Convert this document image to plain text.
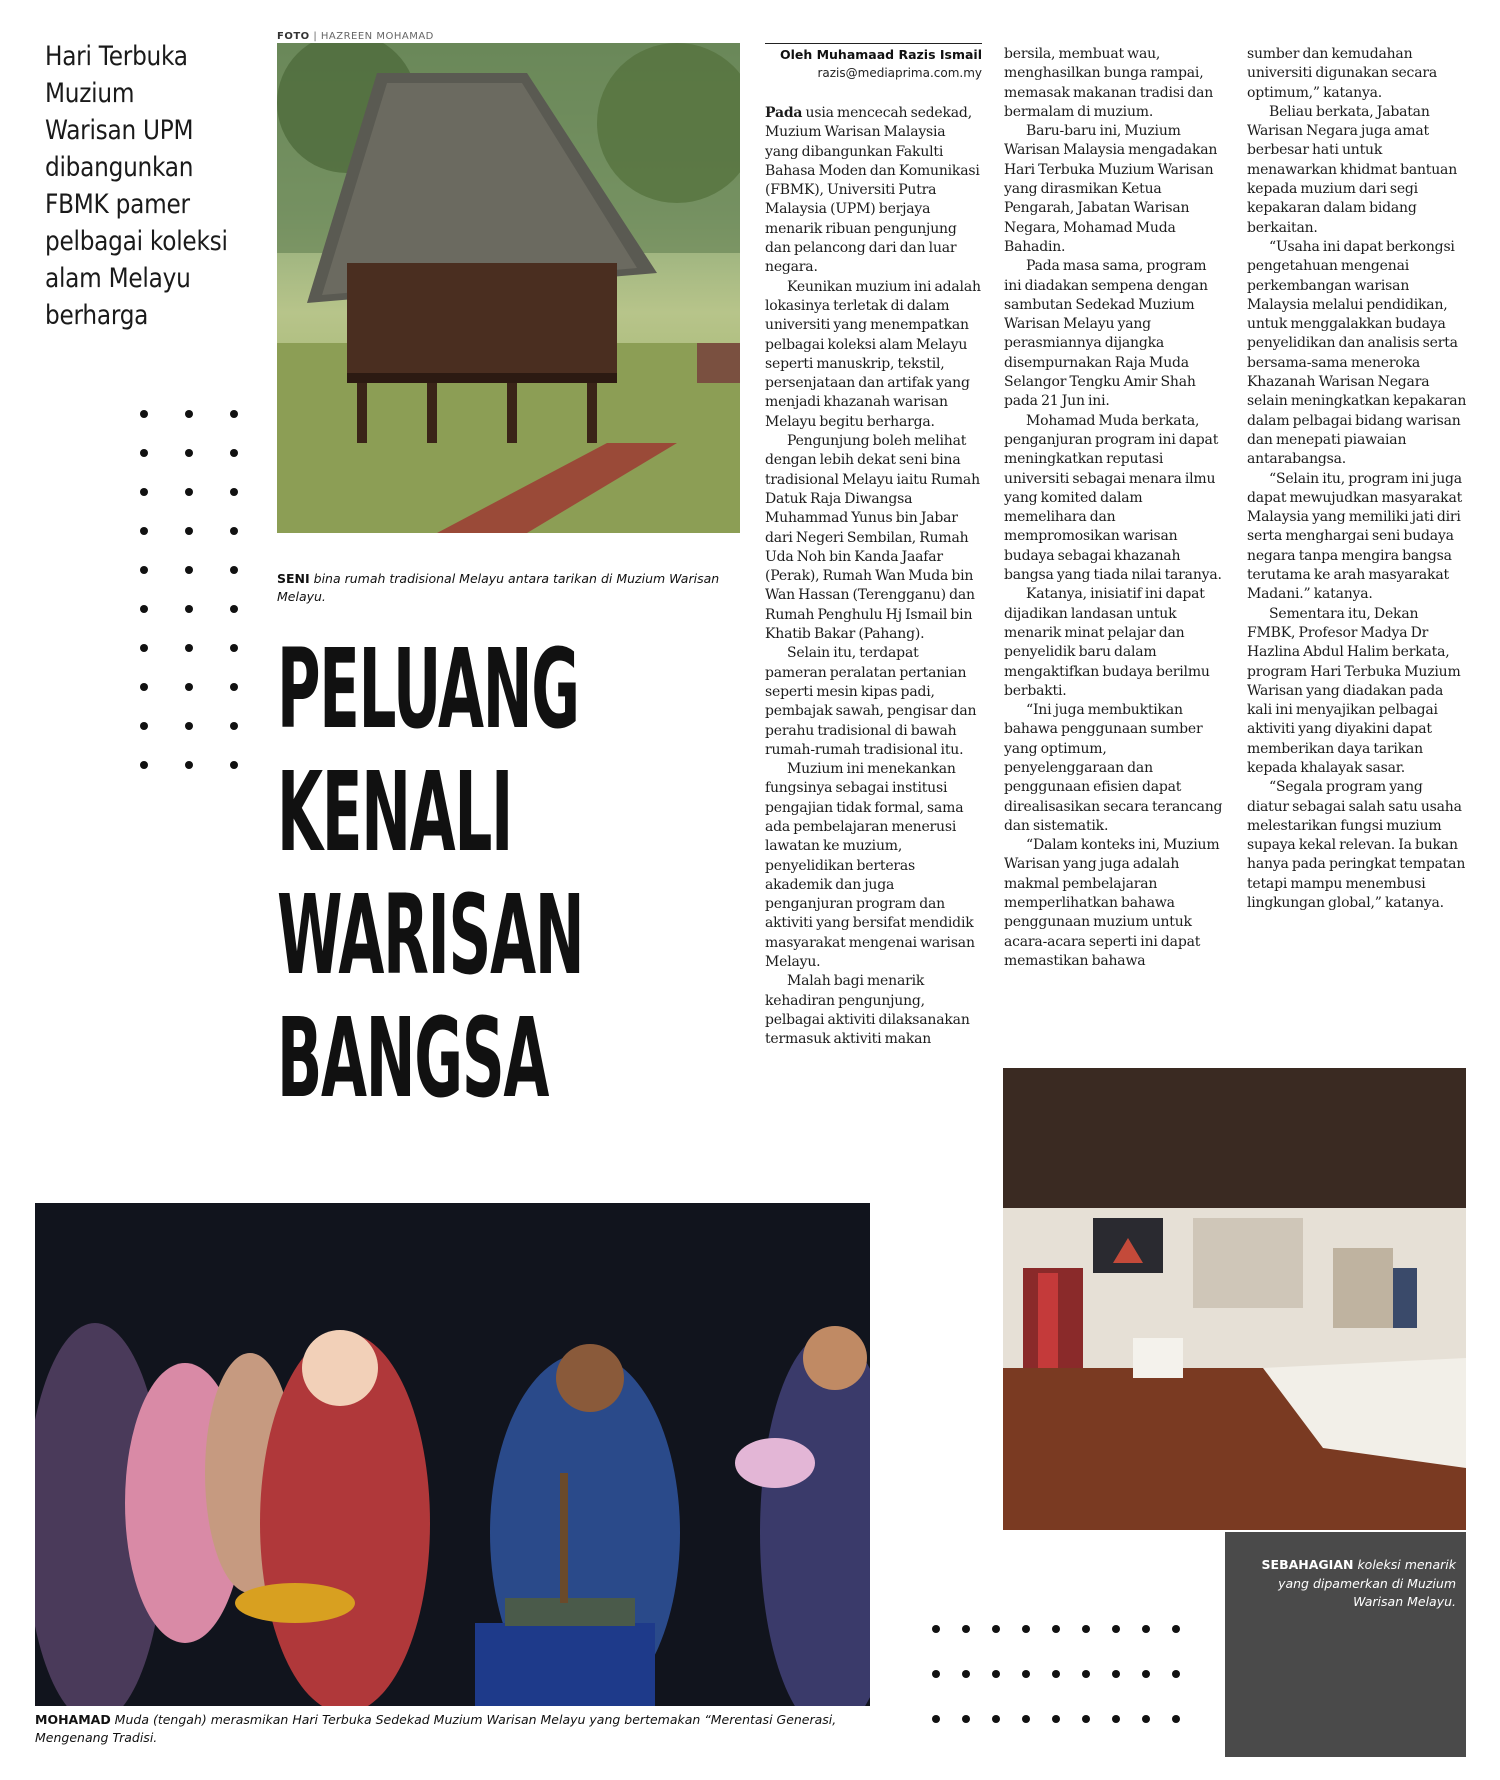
Hari Terbuka Muzium Warisan UPM dibangunkan FBMK pamer pelbagai koleksi alam Melayu berharga
FOTO | HAZREEN MOHAMAD
SENI bina rumah tradisional Melayu antara tarikan di Muzium Warisan Melayu.
PELUANG
KENALI
WARISAN
BANGSA
Oleh Muhamaad Razis Ismail
razis@mediaprima.com.my

Pada usia mencecah sedekad, Muzium Warisan Malaysia yang dibangunkan Fakulti Bahasa Moden dan Komunikasi (FBMK), Universiti Putra Malaysia (UPM) berjaya menarik ribuan pengunjung dan pelancong dari dan luar negara.

Keunikan muzium ini adalah lokasinya terletak di dalam universiti yang menempatkan pelbagai koleksi alam Melayu seperti manuskrip, tekstil, persenjataan dan artifak yang menjadi khazanah warisan Melayu begitu berharga.

Pengunjung boleh melihat dengan lebih dekat seni bina tradisional Melayu iaitu Rumah Datuk Raja Diwangsa Muhammad Yunus bin Jabar dari Negeri Sembilan, Rumah Uda Noh bin Kanda Jaafar (Perak), Rumah Wan Muda bin Wan Hassan (Terengganu) dan Rumah Penghulu Hj Ismail bin Khatib Bakar (Pahang).

Selain itu, terdapat pameran peralatan pertanian seperti mesin kipas padi, pembajak sawah, pengisar dan perahu tradisional di bawah rumah-rumah tradisional itu.

Muzium ini menekankan fungsinya sebagai institusi pengajian tidak formal, sama ada pembelajaran menerusi lawatan ke muzium, penyelidikan berteras akademik dan juga penganjuran program dan aktiviti yang bersifat mendidik masyarakat mengenai warisan Melayu.

Malah bagi menarik kehadiran pengunjung, pelbagai aktiviti dilaksanakan termasuk aktiviti makan

bersila, membuat wau, menghasilkan bunga rampai, memasak makanan tradisi dan bermalam di muzium.

Baru-baru ini, Muzium Warisan Malaysia mengadakan Hari Terbuka Muzium Warisan yang dirasmikan Ketua Pengarah, Jabatan Warisan Negara, Mohamad Muda Bahadin.

Pada masa sama, program ini diadakan sempena dengan sambutan Sedekad Muzium Warisan Melayu yang perasmiannya dijangka disempurnakan Raja Muda Selangor Tengku Amir Shah pada 21 Jun ini.

Mohamad Muda berkata, penganjuran program ini dapat meningkatkan reputasi universiti sebagai menara ilmu yang komited dalam memelihara dan mempromosikan warisan budaya sebagai khazanah bangsa yang tiada nilai taranya.

Katanya, inisiatif ini dapat dijadikan landasan untuk menarik minat pelajar dan penyelidik baru dalam mengaktifkan budaya berilmu berbakti.

“Ini juga membuktikan bahawa penggunaan sumber yang optimum, penyelenggaraan dan penggunaan efisien dapat direalisasikan secara terancang dan sistematik.

“Dalam konteks ini, Muzium Warisan yang juga adalah makmal pembelajaran memperlihatkan bahawa penggunaan muzium untuk acara-acara seperti ini dapat memastikan bahawa

sumber dan kemudahan universiti digunakan secara optimum,” katanya.

Beliau berkata, Jabatan Warisan Negara juga amat berbesar hati untuk menawarkan khidmat bantuan kepada muzium dari segi kepakaran dalam bidang berkaitan.

“Usaha ini dapat berkongsi pengetahuan mengenai perkembangan warisan Malaysia melalui pendidikan, untuk menggalakkan budaya penyelidikan dan analisis serta bersama-sama meneroka Khazanah Warisan Negara selain meningkatkan kepakaran dalam pelbagai bidang warisan dan menepati piawaian antarabangsa.

“Selain itu, program ini juga dapat mewujudkan masyarakat Malaysia yang memiliki jati diri serta menghargai seni budaya negara tanpa mengira bangsa terutama ke arah masyarakat Madani.” katanya.

Sementara itu, Dekan FMBK, Profesor Madya Dr Hazlina Abdul Halim berkata, program Hari Terbuka Muzium Warisan yang diadakan pada kali ini menyajikan pelbagai aktiviti yang diyakini dapat memberikan daya tarikan kepada khalayak sasar.

“Segala program yang diatur sebagai salah satu usaha melestarikan fungsi muzium supaya kekal relevan. Ia bukan hanya pada peringkat tempatan tetapi mampu menembusi lingkungan global,” katanya.

SEBAHAGIAN koleksi menarik yang dipamerkan di Muzium Warisan Melayu.
MOHAMAD Muda (tengah) merasmikan Hari Terbuka Sedekad Muzium Warisan Melayu yang bertemakan “Merentasi Generasi, Mengenang Tradisi.
